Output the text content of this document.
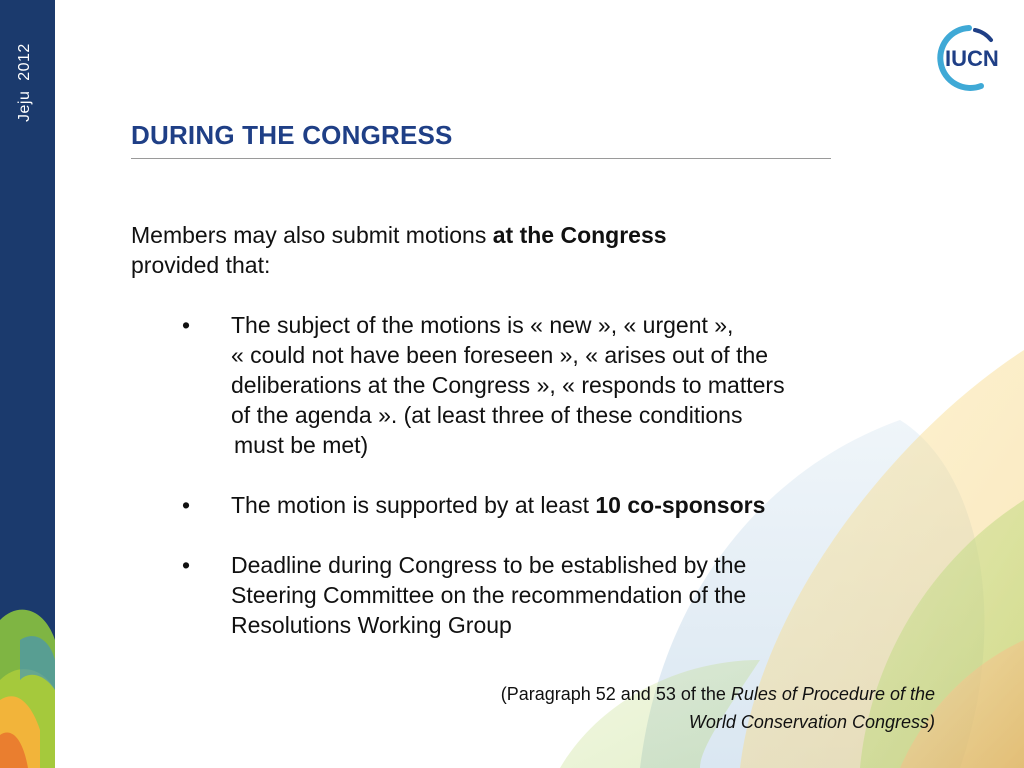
Jeju  2012	IUCN
DURING THE CONGRESS
Members may also submit motions at the Congress
provided that:
• The subject of the motions is « new », « urgent »,
« could not have been foreseen », « arises out of the
deliberations at the Congress », « responds to matters
of the agenda ». (at least three of these conditions
must be met)
• The motion is supported by at least 10 co-sponsors
• Deadline during Congress to be established by the
Steering Committee on the recommendation of the
Resolutions Working Group
(Paragraph 52 and 53 of the Rules of Procedure of the
World Conservation Congress)
